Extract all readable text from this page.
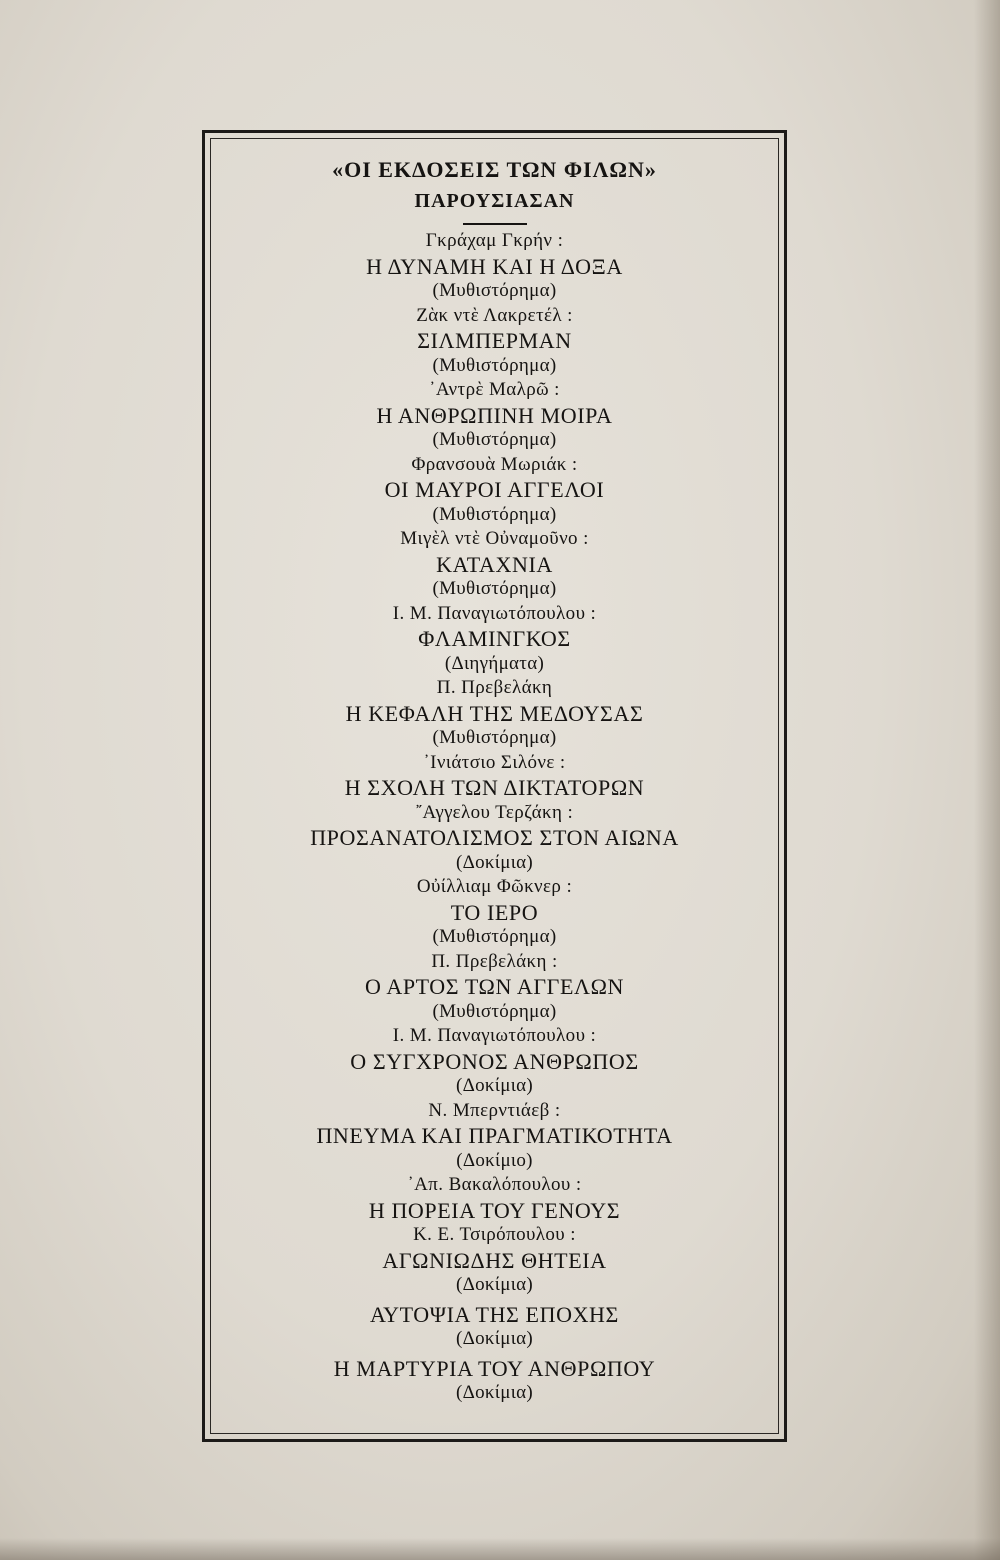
«ΟΙ ΕΚΔΟΣΕΙΣ ΤΩΝ ΦΙΛΩΝ»

ΠΑΡΟΥΣΙΑΣΑΝ

Γκράχαμ Γκρήν :
Η ΔΥΝΑΜΗ ΚΑΙ Η ΔΟΞΑ
(Μυθιστόρημα)
Ζὰκ ντὲ Λακρετέλ :
ΣΙΛΜΠΕΡΜΑΝ
(Μυθιστόρημα)
᾿Αντρὲ Μαλρῶ :
Η ΑΝΘΡΩΠΙΝΗ ΜΟΙΡΑ
(Μυθιστόρημα)
Φρανσουὰ Μωριάκ :
ΟΙ ΜΑΥΡΟΙ ΑΓΓΕΛΟΙ
(Μυθιστόρημα)
Μιγὲλ ντὲ Οὐναμοῦνο :
ΚΑΤΑΧΝΙΑ
(Μυθιστόρημα)
Ι. Μ. Παναγιωτόπουλου :
ΦΛΑΜΙΝΓΚΟΣ
(Διηγήματα)
Π. Πρεβελάκη
Η ΚΕΦΑΛΗ ΤΗΣ ΜΕΔΟΥΣΑΣ
(Μυθιστόρημα)
᾿Ινιάτσιο Σιλόνε :
Η ΣΧΟΛΗ ΤΩΝ ΔΙΚΤΑΤΟΡΩΝ
῎Αγγελου Τερζάκη :
ΠΡΟΣΑΝΑΤΟΛΙΣΜΟΣ ΣΤΟΝ ΑΙΩΝΑ
(Δοκίμια)
Οὐίλλιαμ Φῶκνερ :
ΤΟ ΙΕΡΟ
(Μυθιστόρημα)
Π. Πρεβελάκη :
Ο ΑΡΤΟΣ ΤΩΝ ΑΓΓΕΛΩΝ
(Μυθιστόρημα)
Ι. Μ. Παναγιωτόπουλου :
Ο ΣΥΓΧΡΟΝΟΣ ΑΝΘΡΩΠΟΣ
(Δοκίμια)
Ν. Μπερντιάεβ :
ΠΝΕΥΜΑ ΚΑΙ ΠΡΑΓΜΑΤΙΚΟΤΗΤΑ
(Δοκίμιο)
᾿Απ. Βακαλόπουλου :
Η ΠΟΡΕΙΑ ΤΟΥ ΓΕΝΟΥΣ
Κ. Ε. Τσιρόπουλου :
ΑΓΩΝΙΩΔΗΣ ΘΗΤΕΙΑ
(Δοκίμια)
ΑΥΤΟΨΙΑ ΤΗΣ ΕΠΟΧΗΣ
(Δοκίμια)
Η ΜΑΡΤΥΡΙΑ ΤΟΥ ΑΝΘΡΩΠΟΥ
(Δοκίμια)
